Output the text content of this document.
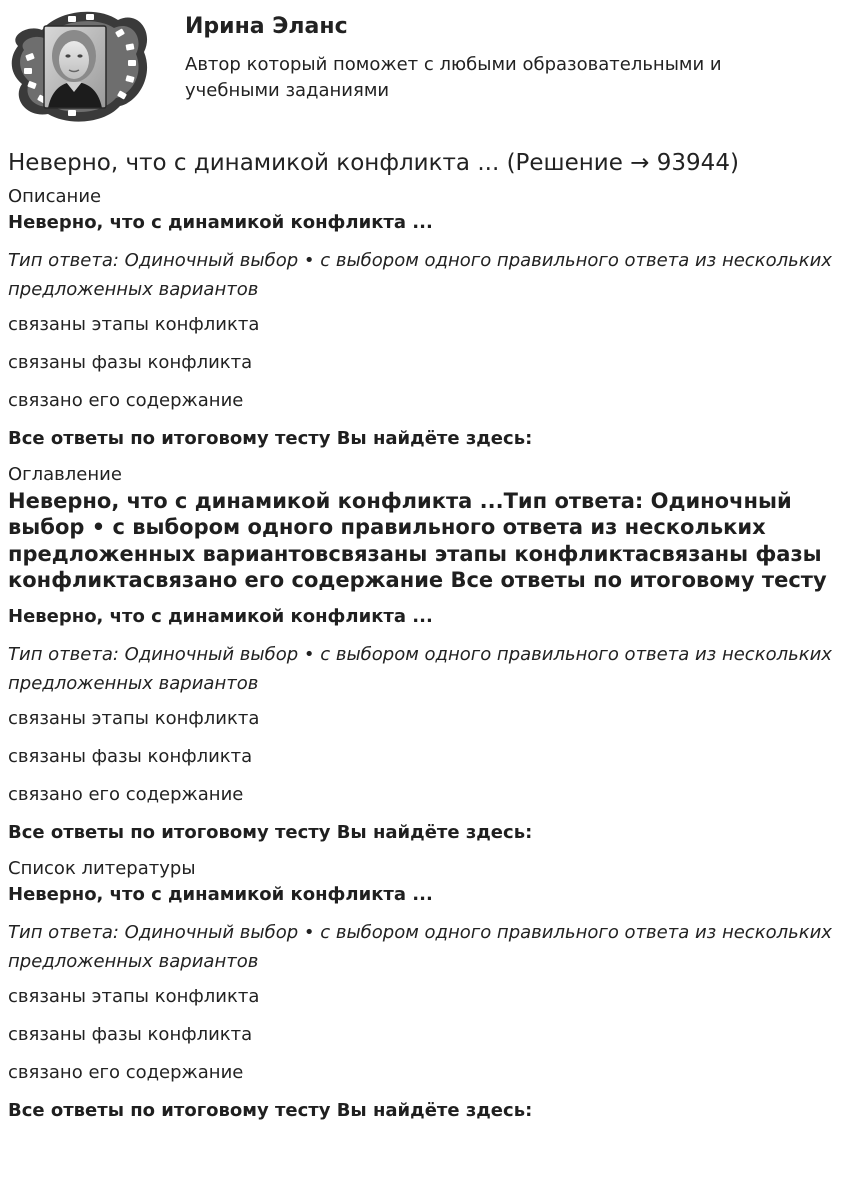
Ирина Эланс

Автор который поможет с любыми образовательными и учебными заданиями

Неверно, что с динамикой конфликта ... (Решение → 93944)

Описание

Неверно, что с динамикой конфликта ...

Тип ответа: Одиночный выбор • с выбором одного правильного ответа из нескольких предложенных вариантов

связаны этапы конфликта

связаны фазы конфликта

связано его содержание

Все ответы по итоговому тесту Вы найдёте здесь:

Оглавление

Неверно, что с динамикой конфликта ...Тип ответа: Одиночный выбор • с выбором одного правильного ответа из нескольких предложенных вариантовсвязаны этапы конфликтасвязаны фазы конфликтасвязано его содержание Все ответы по итоговому тесту

Неверно, что с динамикой конфликта ...

Тип ответа: Одиночный выбор • с выбором одного правильного ответа из нескольких предложенных вариантов

связаны этапы конфликта

связаны фазы конфликта

связано его содержание

Все ответы по итоговому тесту Вы найдёте здесь:

Список литературы

Неверно, что с динамикой конфликта ...

Тип ответа: Одиночный выбор • с выбором одного правильного ответа из нескольких предложенных вариантов

связаны этапы конфликта

связаны фазы конфликта

связано его содержание

Все ответы по итоговому тесту Вы найдёте здесь:
